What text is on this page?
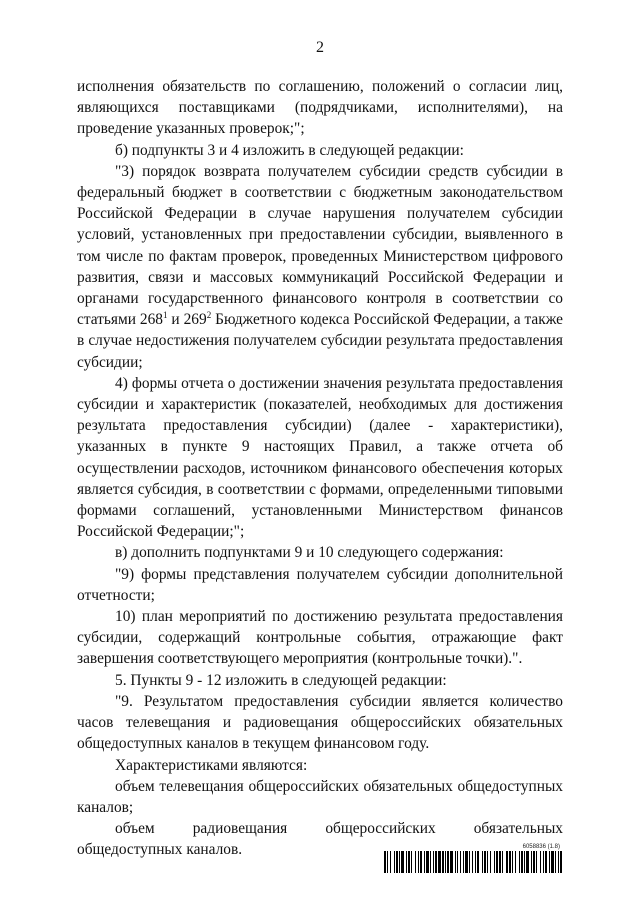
2

исполнения обязательств по соглашению, положений о согласии лиц, являющихся поставщиками (подрядчиками, исполнителями), на проведение указанных проверок;";

б) подпункты 3 и 4 изложить в следующей редакции:

"3) порядок возврата получателем субсидии средств субсидии в федеральный бюджет в соответствии с бюджетным законодательством Российской Федерации в случае нарушения получателем субсидии условий, установленных при предоставлении субсидии, выявленного в том числе по фактам проверок, проведенных Министерством цифрового развития, связи и массовых коммуникаций Российской Федерации и органами государственного финансового контроля в соответствии со статьями $268^1$ и $269^2$ Бюджетного кодекса Российской Федерации, а также в случае недостижения получателем субсидии результата предоставления субсидии;

4) формы отчета о достижении значения результата предоставления субсидии и характеристик (показателей, необходимых для достижения результата предоставления субсидии) (далее - характеристики), указанных в пункте 9 настоящих Правил, а также отчета об осуществлении расходов, источником финансового обеспечения которых является субсидия, в соответствии с формами, определенными типовыми формами соглашений, установленными Министерством финансов Российской Федерации;";

в) дополнить подпунктами 9 и 10 следующего содержания:

"9) формы представления получателем субсидии дополнительной отчетности;

10) план мероприятий по достижению результата предоставления субсидии, содержащий контрольные события, отражающие факт завершения соответствующего мероприятия (контрольные точки).".

5. Пункты 9 - 12 изложить в следующей редакции:

"9. Результатом предоставления субсидии является количество часов телевещания и радиовещания общероссийских обязательных общедоступных каналов в текущем финансовом году.

Характеристиками являются:

объем телевещания общероссийских обязательных общедоступных каналов;

объем радиовещания общероссийских обязательных общедоступных каналов.	6058836 (1.8)
